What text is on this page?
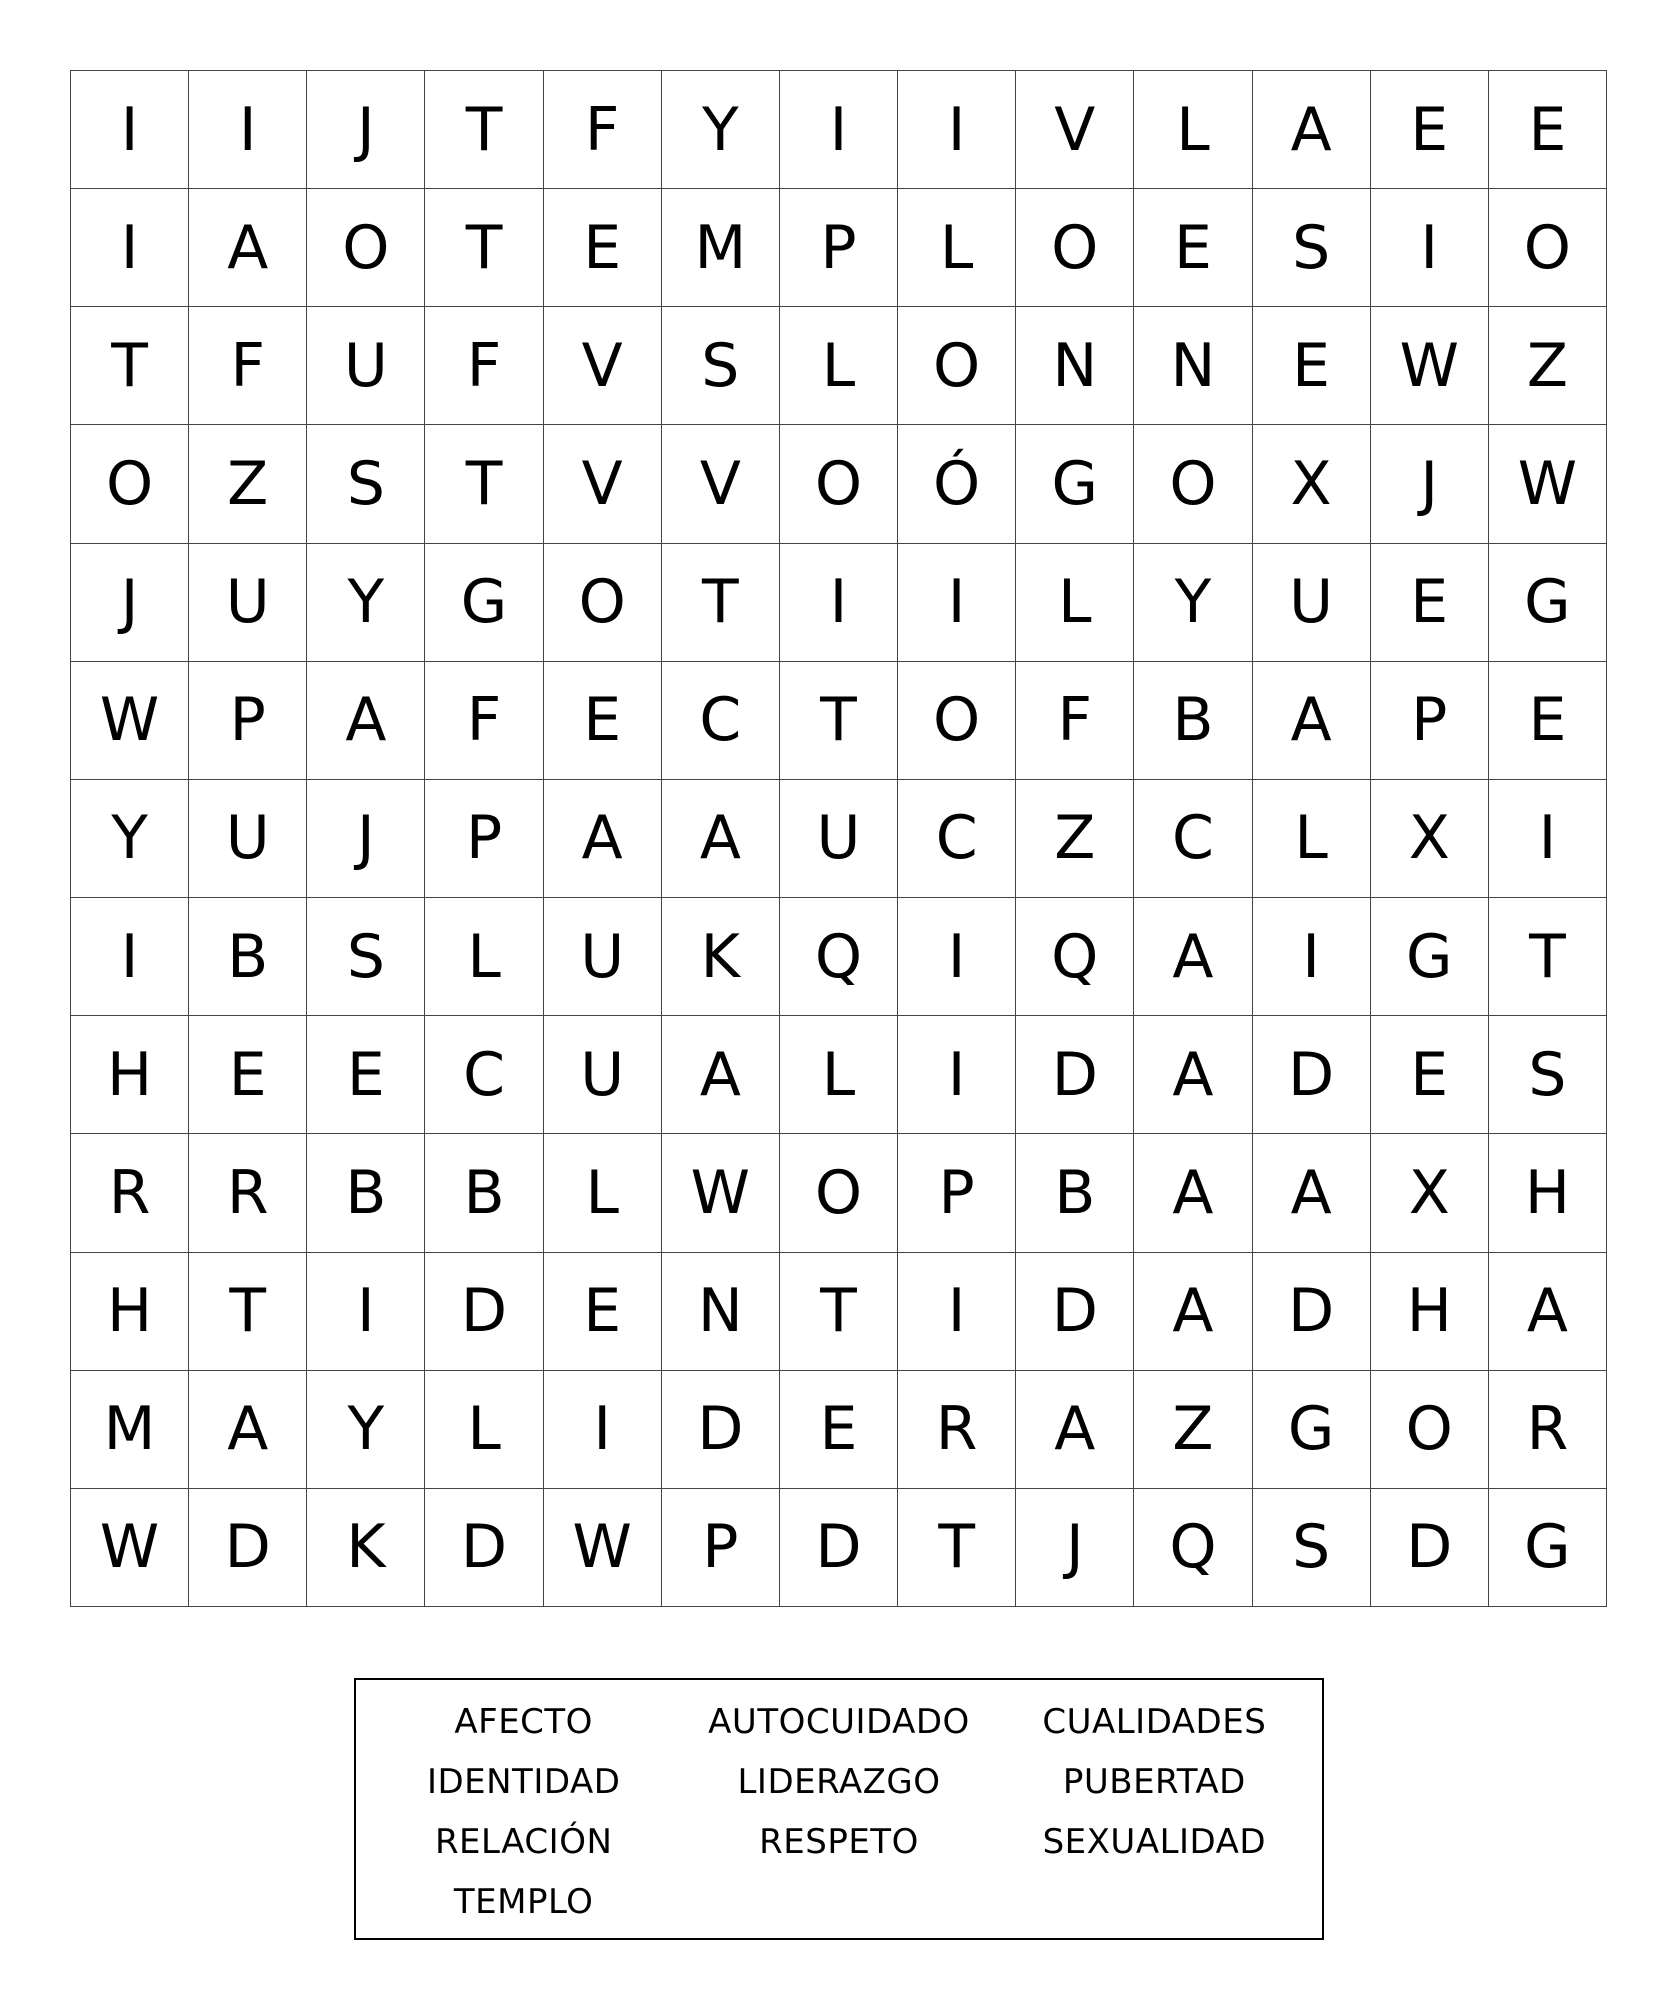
I	I	J	T	F	Y	I	I	V	L	A	E	E
I	A	O	T	E	M	P	L	O	E	S	I	O
T	F	U	F	V	S	L	O	N	N	E	W	Z
O	Z	S	T	V	V	O	Ó	G	O	X	J	W
J	U	Y	G	O	T	I	I	L	Y	U	E	G
W	P	A	F	E	C	T	O	F	B	A	P	E
Y	U	J	P	A	A	U	C	Z	C	L	X	I
I	B	S	L	U	K	Q	I	Q	A	I	G	T
H	E	E	C	U	A	L	I	D	A	D	E	S
R	R	B	B	L	W	O	P	B	A	A	X	H
H	T	I	D	E	N	T	I	D	A	D	H	A
M	A	Y	L	I	D	E	R	A	Z	G	O	R
W	D	K	D	W	P	D	T	J	Q	S	D	G
AFECTO	AUTOCUIDADO	CUALIDADES
IDENTIDAD	LIDERAZGO	PUBERTAD
RELACIÓN	RESPETO	SEXUALIDAD
TEMPLO
